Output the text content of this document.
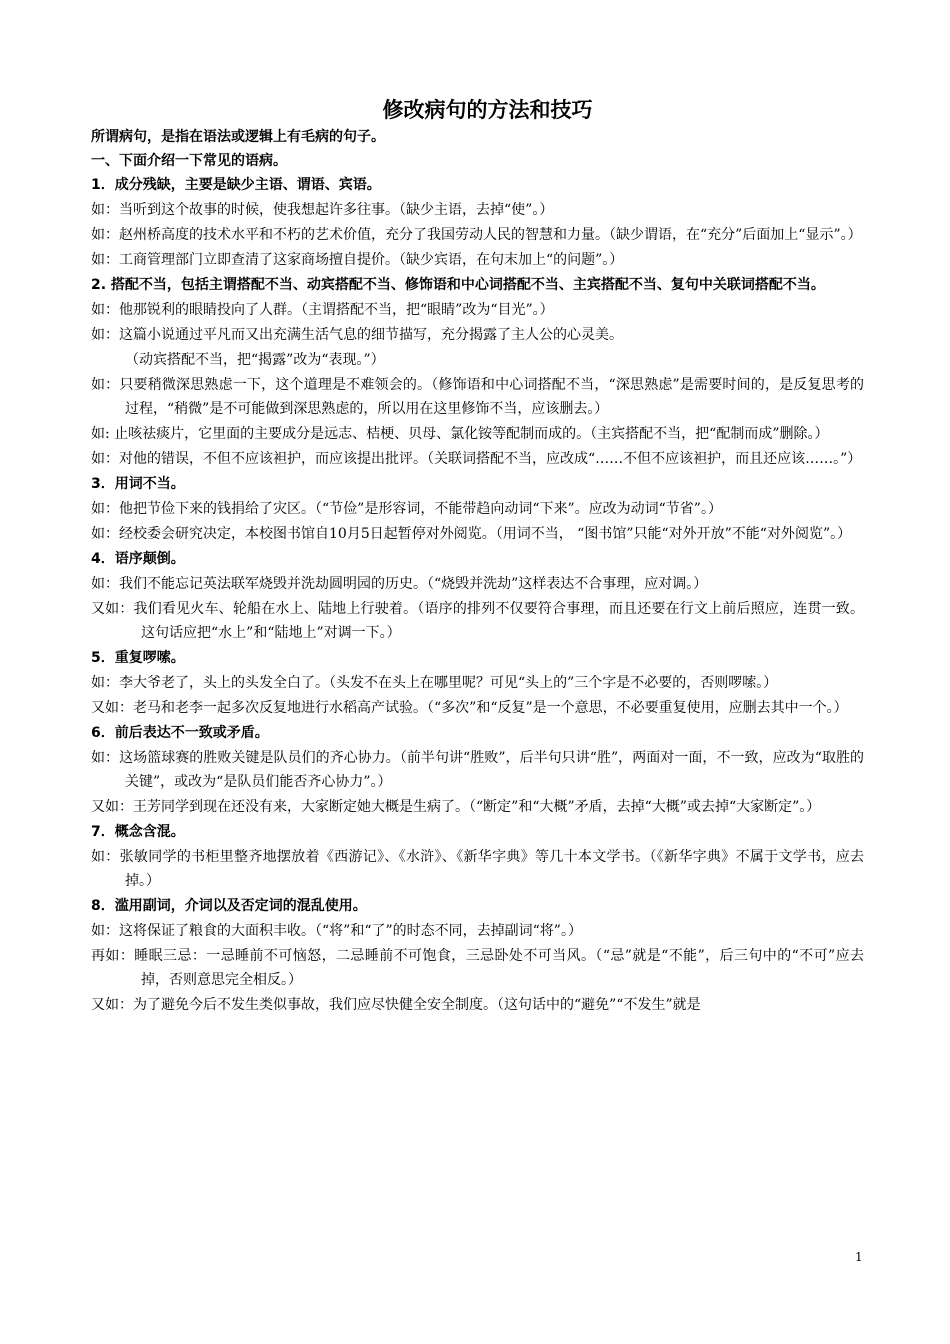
修改病句的方法和技巧
所谓病句，是指在语法或逻辑上有毛病的句子。
一、下面介绍一下常见的语病。
1．成分残缺，主要是缺少主语、谓语、宾语。
如：当听到这个故事的时候，使我想起许多往事。（缺少主语，去掉“使”。）
如：赵州桥高度的技术水平和不朽的艺术价值，充分了我国劳动人民的智慧和力量。（缺少谓语，在“充分”后面加上“显示”。）
如：工商管理部门立即查清了这家商场擅自提价。（缺少宾语，在句末加上“的问题”。）
2. 搭配不当，包括主谓搭配不当、动宾搭配不当、修饰语和中心词搭配不当、主宾搭配不当、复句中关联词搭配不当。
如：他那锐利的眼睛投向了人群。（主谓搭配不当，把“眼睛”改为“目光”。）
如：这篇小说通过平凡而又出充满生活气息的细节描写，充分揭露了主人公的心灵美。
（动宾搭配不当，把“揭露”改为“表现。”）
如：只要稍微深思熟虑一下，这个道理是不难领会的。（修饰语和中心词搭配不当，“深思熟虑”是需要时间的，是反复思考的过程，“稍微”是不可能做到深思熟虑的，所以用在这里修饰不当，应该删去。）
如: 止咳祛痰片，它里面的主要成分是远志、桔梗、贝母、氯化铵等配制而成的。（主宾搭配不当，把“配制而成”删除。）
如：对他的错误，不但不应该袒护，而应该提出批评。（关联词搭配不当，应改成“……不但不应该袒护，而且还应该……。”）
3．用词不当。
如：他把节俭下来的钱捐给了灾区。（“节俭”是形容词，不能带趋向动词“下来”。应改为动词“节省”。）
如：经校委会研究决定，本校图书馆自10月5日起暂停对外阅览。（用词不当， “图书馆”只能“对外开放”不能“对外阅览”。）
4．语序颠倒。
如：我们不能忘记英法联军烧毁并洗劫圆明园的历史。（“烧毁并洗劫”这样表达不合事理，应对调。）
又如：我们看见火车、轮船在水上、陆地上行驶着。（语序的排列不仅要符合事理，而且还要在行文上前后照应，连贯一致。这句话应把“水上”和“陆地上”对调一下。）
5．重复啰嗦。
如：李大爷老了，头上的头发全白了。（头发不在头上在哪里呢？可见“头上的”三个字是不必要的，否则啰嗦。）
又如：老马和老李一起多次反复地进行水稻高产试验。（“多次”和“反复”是一个意思，不必要重复使用，应删去其中一个。）
6．前后表达不一致或矛盾。
如：这场篮球赛的胜败关键是队员们的齐心协力。（前半句讲“胜败”，后半句只讲“胜”，两面对一面，不一致，应改为“取胜的关键”，或改为“是队员们能否齐心协力”。）
又如：王芳同学到现在还没有来，大家断定她大概是生病了。（“断定”和“大概”矛盾，去掉“大概”或去掉“大家断定”。）
7．概念含混。
如：张敏同学的书柜里整齐地摆放着《西游记》、《水浒》、《新华字典》等几十本文学书。（《新华字典》不属于文学书，应去掉。）
8．滥用副词，介词以及否定词的混乱使用。
如：这将保证了粮食的大面积丰收。（“将”和“了”的时态不同，去掉副词“将”。）
再如：睡眠三忌：一忌睡前不可恼怒，二忌睡前不可饱食，三忌卧处不可当风。（“忌”就是“不能”，后三句中的“不可”应去掉，否则意思完全相反。）
又如：为了避免今后不发生类似事故，我们应尽快健全安全制度。（这句话中的“避免”“不发生”就是
1
